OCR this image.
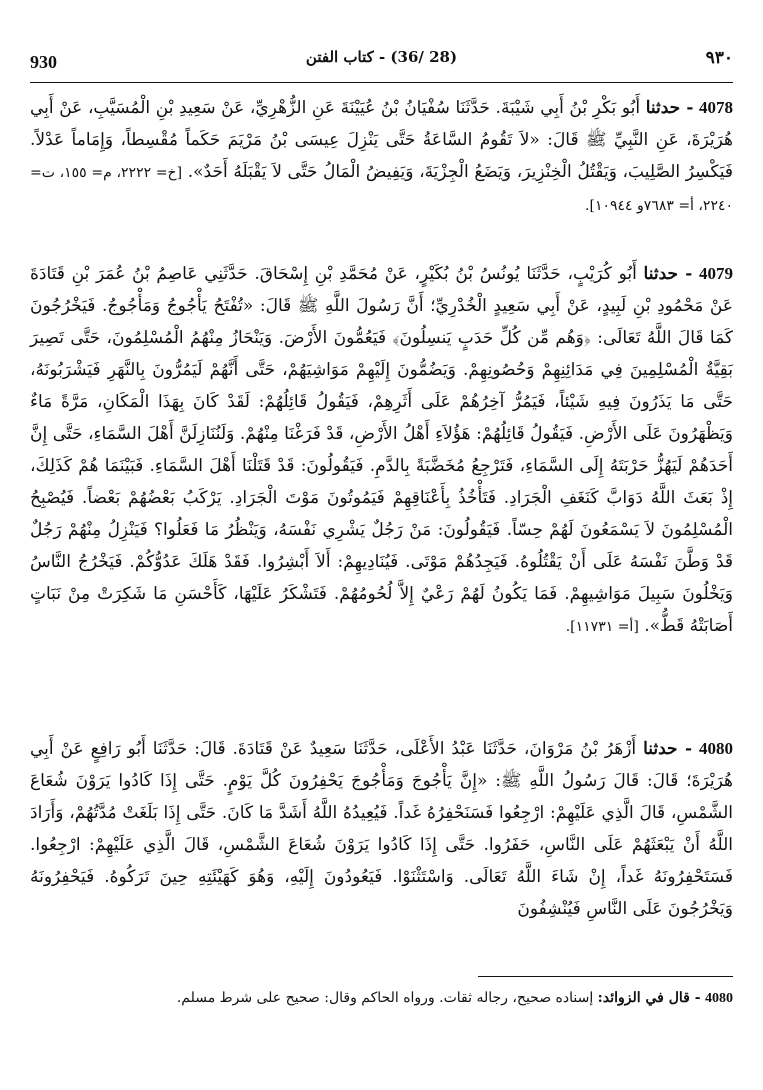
930	(28 /36) - كتاب الفتن	٩٣٠
4078 - حدثنا أَبُو بَكْرِ بْنُ أَبِي شَيْبَةَ. حَدَّثَنَا سُفْيَانُ بْنُ عُيَيْنَةَ عَنِ الزُّهْرِيِّ، عَنْ سَعِيدِ بْنِ الْمُسَيَّبِ، عَنْ أَبِي هُرَيْرَةَ، عَنِ النَّبِيِّ ﷺ قَالَ: «لاَ تَقُومُ السَّاعَةُ حَتَّى يَنْزِلَ عِيسَى بْنُ مَرْيَمَ حَكَماً مُقْسِطاً، وَإِمَاماً عَدْلاً. فَيَكْسِرُ الصَّلِيبَ، وَيَقْتُلُ الْخِنْزِيرَ، وَيَضَعُ الْجِزْيَةَ، وَيَفِيضُ الْمَالُ حَتَّى لاَ يَقْبَلَهُ أَحَدٌ». [خ= ٢٢٢٢، م= ١٥٥، ت= ٢٢٤٠، أ= ٧٦٨٣و ١٠٩٤٤].
4079 - حدثنا أَبُو كُرَيْبٍ، حَدَّثَنَا يُونُسُ بْنُ بُكَيْرٍ، عَنْ مُحَمَّدِ بْنِ إِسْحَاقَ. حَدَّثَنِي عَاصِمُ بْنُ عُمَرَ بْنِ قَتَادَةَ عَنْ مَحْمُودِ بْنِ لَبِيدٍ، عَنْ أَبِي سَعِيدٍ الْخُدْرِيِّ؛ أَنَّ رَسُولَ اللَّهِ ﷺ قَالَ: «تُفْتَحُ يَأْجُوجُ وَمَأْجُوجُ. فَيَخْرُجُونَ كَمَا قَالَ اللَّهُ تَعَالَى: ﴿وَهُم مِّن كُلِّ حَدَبٍ يَنسِلُونَ﴾ فَيَعُمُّونَ الأَرْضَ. وَيَنْحَازُ مِنْهُمُ الْمُسْلِمُونَ، حَتَّى تَصِيرَ بَقِيَّةُ الْمُسْلِمِينَ فِي مَدَائِنِهِمْ وَحُصُونِهِمْ. وَيَضُمُّونَ إِلَيْهِمْ مَوَاشِيَهُمْ، حَتَّى أَنَّهُمْ لَيَمُرُّونَ بِالنَّهَرِ فَيَشْرَبُونَهُ، حَتَّى مَا يَذَرُونَ فِيهِ شَيْئاً، فَيَمُرُّ آخِرُهُمْ عَلَى أَثَرِهِمْ، فَيَقُولُ قَائِلُهُمْ: لَقَدْ كَانَ بِهَذَا الْمَكَانِ، مَرَّةً مَاءٌ وَيَظْهَرُونَ عَلَى الأَرْضِ. فَيَقُولُ قَائِلُهُمْ: هَؤُلاَءِ أَهْلُ الأَرْضِ، قَدْ فَرَغْنَا مِنْهُمْ. وَلَنُنَازِلَنَّ أَهْلَ السَّمَاءِ، حَتَّى إِنَّ أَحَدَهُمْ لَيَهُزُّ حَرْبَتَهُ إِلَى السَّمَاءِ، فَتَرْجِعُ مُخَضَّبَةً بِالدَّمِ. فَيَقُولُونَ: قَدْ قَتَلْنَا أَهْلَ السَّمَاءِ. فَبَيْنَمَا هُمْ كَذَلِكَ، إِذْ بَعَثَ اللَّهُ دَوَابَّ كَنَغَفِ الْجَرَادِ. فَتَأْخُذُ بِأَعْنَاقِهِمْ فَيَمُوتُونَ مَوْتَ الْجَرَادِ. يَرْكَبُ بَعْضُهُمْ بَعْضاً. فَيُصْبِحُ الْمُسْلِمُونَ لاَ يَسْمَعُونَ لَهُمْ حِسّاً. فَيَقُولُونَ: مَنْ رَجُلٌ يَشْرِي نَفْسَهُ، وَيَنْظُرُ مَا فَعَلُوا؟ فَيَنْزِلُ مِنْهُمْ رَجُلٌ قَدْ وَطَّنَ نَفْسَهُ عَلَى أَنْ يَقْتُلُوهُ. فَيَجِدُهُمْ مَوْتَى. فَيُنَادِيهِمْ: أَلاَ أَبْشِرُوا. فَقَدْ هَلَكَ عَدُوُّكُمْ. فَيَخْرُجُ النَّاسُ وَيَخْلُونَ سَبِيلَ مَوَاشِيهِمْ. فَمَا يَكُونُ لَهُمْ رَعْيٌ إِلاَّ لُحُومُهُمْ. فَتَشْكَرُ عَلَيْهَا، كَأَحْسَنِ مَا شَكِرَتْ مِنْ نَبَاتٍ أَصَابَتْهُ قَطُّ». [أ= ١١٧٣١].
4080 - حدثنا أَزْهَرُ بْنُ مَرْوَانَ، حَدَّثَنَا عَبْدُ الأَعْلَى، حَدَّثَنَا سَعِيدٌ عَنْ قَتَادَةَ. قَالَ: حَدَّثَنَا أَبُو رَافِعٍ عَنْ أَبِي هُرَيْرَةَ؛ قَالَ: قَالَ رَسُولُ اللَّهِ ﷺ: «إِنَّ يَأْجُوجَ وَمَأْجُوجَ يَحْفِرُونَ كُلَّ يَوْمٍ. حَتَّى إِذَا كَادُوا يَرَوْنَ شُعَاعَ الشَّمْسِ، قَالَ الَّذِي عَلَيْهِمْ: ارْجِعُوا فَسَنَحْفِرُهُ غَداً. فَيُعِيدُهُ اللَّهُ أَشَدَّ مَا كَانَ. حَتَّى إِذَا بَلَغَتْ مُدَّتُهُمْ، وَأَرَادَ اللَّهُ أَنْ يَبْعَثَهُمْ عَلَى النَّاسِ، حَفَرُوا. حَتَّى إِذَا كَادُوا يَرَوْنَ شُعَاعَ الشَّمْسِ، قَالَ الَّذِي عَلَيْهِمْ: ارْجِعُوا. فَسَتَحْفِرُونَهُ غَداً، إِنْ شَاءَ اللَّهُ تَعَالَى. وَاسْتَثْنَوْا. فَيَعُودُونَ إِلَيْهِ، وَهُوَ كَهَيْئَتِهِ حِينَ تَرَكُوهُ. فَيَحْفِرُونَهُ وَيَخْرُجُونَ عَلَى النَّاسِ فَيُنْشِفُونَ
4080 - قال في الزوائد: إسناده صحيح، رجاله ثقات. ورواه الحاكم وقال: صحيح على شرط مسلم.
